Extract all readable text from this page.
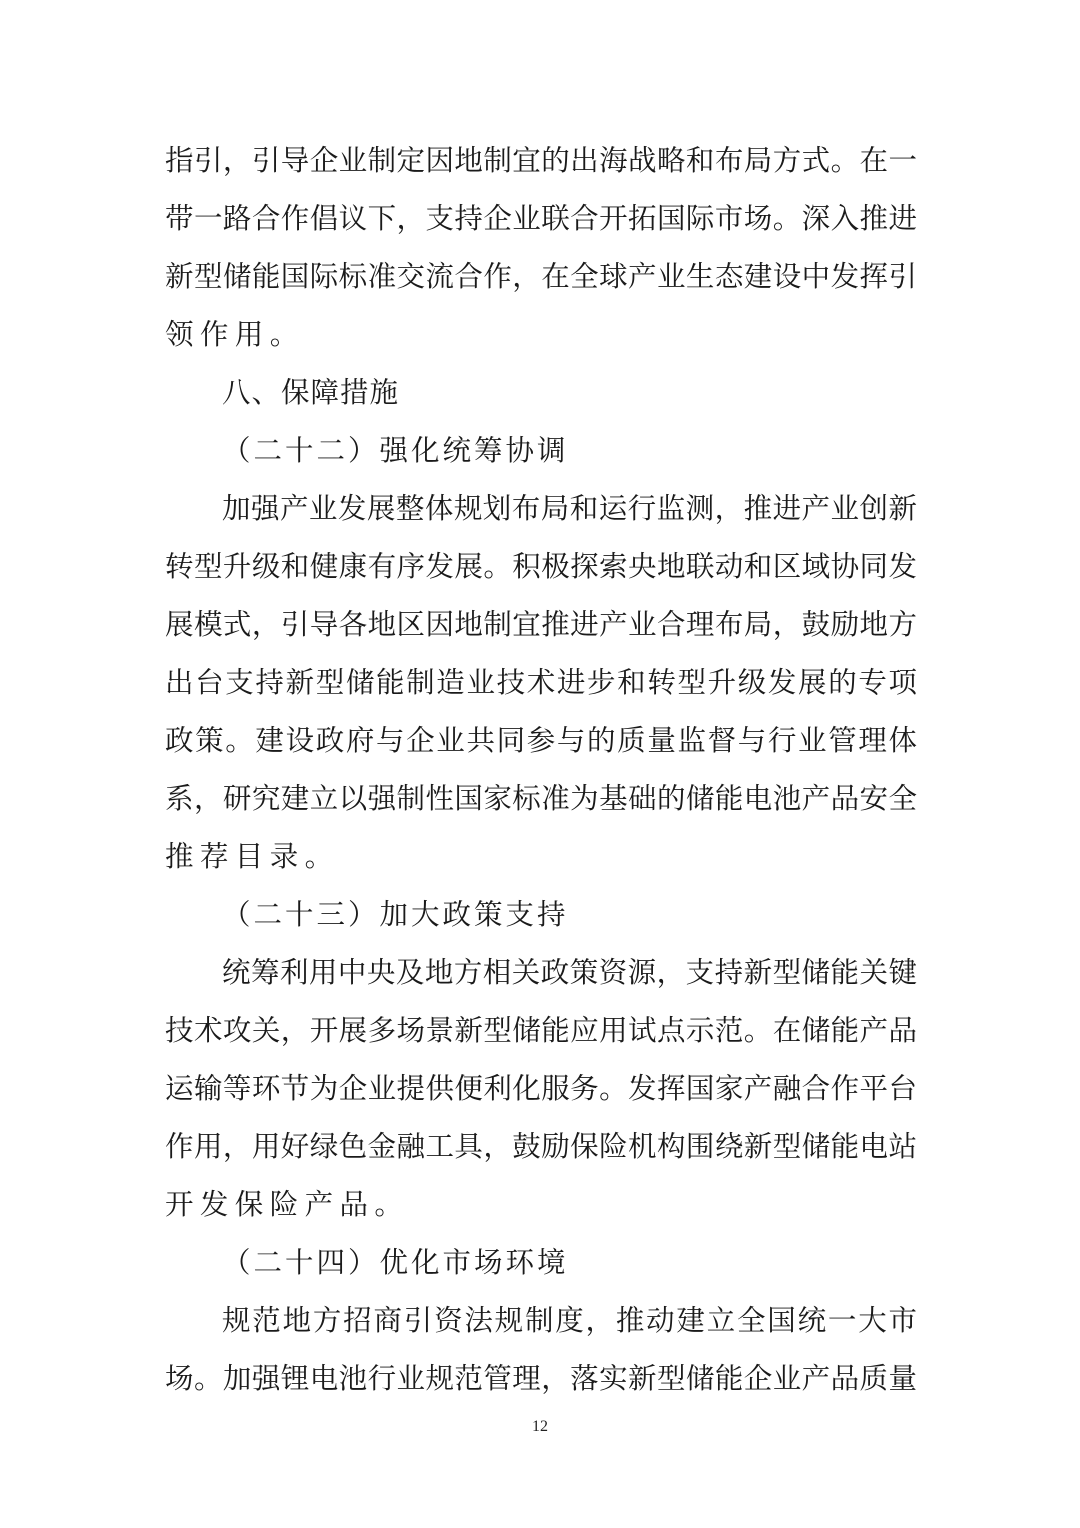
指引，引导企业制定因地制宜的出海战略和布局方式。在一
带一路合作倡议下，支持企业联合开拓国际市场。深入推进
新型储能国际标准交流合作，在全球产业生态建设中发挥引
领作用。
八、保障措施
（二十二）强化统筹协调
加强产业发展整体规划布局和运行监测，推进产业创新
转型升级和健康有序发展。积极探索央地联动和区域协同发
展模式，引导各地区因地制宜推进产业合理布局，鼓励地方
出台支持新型储能制造业技术进步和转型升级发展的专项
政策。建设政府与企业共同参与的质量监督与行业管理体
系，研究建立以强制性国家标准为基础的储能电池产品安全
推荐目录。
（二十三）加大政策支持
统筹利用中央及地方相关政策资源，支持新型储能关键
技术攻关，开展多场景新型储能应用试点示范。在储能产品
运输等环节为企业提供便利化服务。发挥国家产融合作平台
作用，用好绿色金融工具，鼓励保险机构围绕新型储能电站
开发保险产品。
（二十四）优化市场环境
规范地方招商引资法规制度，推动建立全国统一大市
场。加强锂电池行业规范管理，落实新型储能企业产品质量
12
